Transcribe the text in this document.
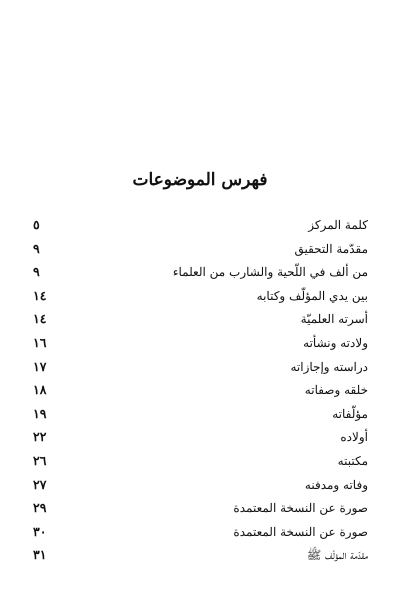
فهرس الموضوعات
كلمة المركز
٥
مقدّمة التحقيق
٩
من ألف في اللّحية والشارب من العلماء
٩
بين يدي المؤلّف وكتابه
١٤
أسرته العلميّة
١٤
ولادته ونشأته
١٦
دراسته وإجازاته
١٧
خلقه وصفاته
١٨
مؤلّفاته
١٩
أولاده
٢٢
مكتبته
٢٦
وفاته ومدفنه
٢٧
صورة عن النسخة المعتمدة
٢٩
صورة عن النسخة المعتمدة
٣٠
مقدّمة المؤلّف ﷺ
٣١
